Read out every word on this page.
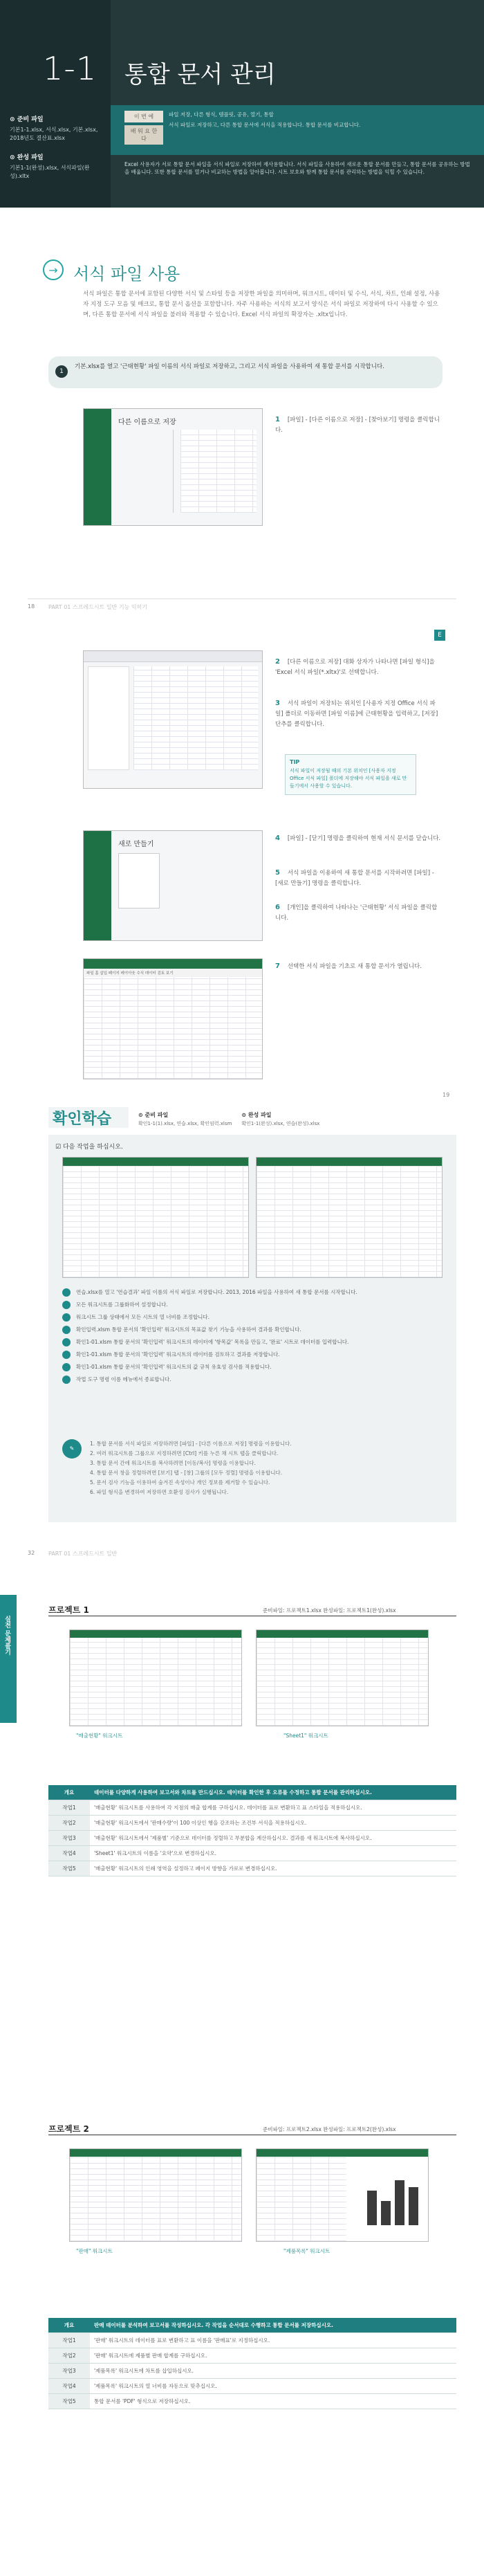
1-1 통합 문서 관리
⊙ 준비 파일
기본1-1.xlsx, 서식.xlsx, 기본.xlsx, 2018년도 결산표.xlsx
⊙ 완성 파일
기본1-1(완성).xlsx, 서식파일(완성).xltx
이 번 에
배 워 요 한 다
파일 저장, 다른 형식, 템플릿, 공유, 열기, 통합
서식 파일로 저장하고, 다른 통합 문서에 서식을 적용합니다. 통합 문서를 비교합니다.
Excel 사용자가 서로 통합 문서 파일을 서식 파일로 저장하여 재사용합니다. 서식 파일을 사용하여 새로운 통합 문서를 만들고, 통합 문서를 공유하는 방법을 배웁니다. 또한 통합 문서를 열거나 비교하는 방법을 알아봅니다. 시트 보호와 함께 통합 문서를 관리하는 방법을 익힐 수 있습니다.
→ 서식 파일 사용
서식 파일은 통합 문서에 포함된 다양한 서식 및 스타일 등을 저장한 파일을 의미하며, 워크시트, 데이터 및 수식, 서식, 차트, 인쇄 설정, 사용자 지정 도구 모음 및 매크로, 통합 문서 옵션을 포함합니다. 자주 사용하는 서식의 보고서 양식은 서식 파일로 저장하여 다시 사용할 수 있으며, 다른 통합 문서에 서식 파일을 불러와 적용할 수 있습니다. Excel 서식 파일의 확장자는 .xltx입니다.
1
기본.xlsx를 열고 '근태현황' 파일 이름의 서식 파일로 저장하고, 그리고 서식 파일을 사용하여 새 통합 문서를 시작합니다.
다른 이름으로 저장	1 [파일] - [다른 이름으로 저장] - [찾아보기] 명령을 클릭합니다.
18 PART 01 스프레드시트 일반 기능 익히기
E
2 [다른 이름으로 저장] 대화 상자가 나타나면 [파일 형식]을 'Excel 서식 파일(*.xltx)'로 선택합니다.
3 서식 파일이 저장되는 위치인 [사용자 지정 Office 서식 파일] 폴더로 이동하면 [파일 이름]에 근태현황을 입력하고, [저장] 단추를 클릭합니다.
TIP
서식 파일이 저장될 때의 기본 위치인 [사용자 지정 Office 서식 파일] 폴더에 저장해야 서식 파일을 새로 만들기에서 사용할 수 있습니다.
새로 만들기
4 [파일] - [닫기] 명령을 클릭하여 현재 서식 문서를 닫습니다.
5 서식 파일을 이용하여 새 통합 문서를 시작하려면 [파일] - [새로 만들기] 명령을 클릭합니다.
6 [개인]을 클릭하여 나타나는 '근태현황' 서식 파일을 클릭합니다.
파일 홈 삽입 페이지 레이아웃 수식 데이터 검토 보기
7 선택한 서식 파일을 기초로 새 통합 문서가 열립니다.
19
확인학습	⊙ 준비 파일
확인1-1(1).xlsx, 연습.xlsx, 확인임력.xlsm
⊙ 완성 파일
확인1-1(완성).xlsx, 연습(완성).xlsx
☑ 다음 작업을 하십시오.
연습.xlsx를 열고 '연습결과' 파일 이름의 서식 파일로 저장합니다. 2013, 2016 파일을 사용하여 새 통합 문서를 시작합니다.
모든 워크시트를 그룹화하여 설정합니다.
워크시트 그룹 상태에서 모든 시트의 열 너비를 조정합니다.
확인입력.xlsm 통합 문서의 '확인입력' 워크시트의 목표값 찾기 기능을 사용하여 결과를 확인합니다.
확인1-01.xlsm 통합 문서의 '확인입력' 워크시트의 데이터에 '항목값' 목록을 만들고, '완료' 시트로 데이터를 입력합니다.
확인1-01.xlsm 통합 문서의 '확인입력' 워크시트의 데이터를 검토하고 결과를 저장합니다.
확인1-01.xlsm 통합 문서의 '확인입력' 워크시트의 값 규칙 유효성 검사를 적용합니다.
작업 도구 명령 이름 메뉴에서 종료합니다.
✎
1. 통합 문서를 서식 파일로 저장하려면 [파일] - [다른 이름으로 저장] 명령을 이용합니다.
2. 여러 워크시트를 그룹으로 지정하려면 [Ctrl] 키를 누른 채 시트 탭을 클릭합니다.
3. 통합 문서 간에 워크시트를 복사하려면 [이동/복사] 명령을 이용합니다.
4. 통합 문서 창을 정렬하려면 [보기] 탭 - [창] 그룹의 [모두 정렬] 명령을 이용합니다.
5. 문서 검사 기능을 이용하여 숨겨진 속성이나 개인 정보를 제거할 수 있습니다.
6. 파일 형식을 변경하여 저장하면 호환성 검사가 실행됩니다.
32 PART 01 스프레드시트 일반
실전 문제풀기
프로젝트 1	준비파일: 프로젝트1.xlsx 완성파일: 프로젝트1(완성).xlsx
"매출현황" 워크시트	"Sheet1" 워크시트
개요	데이터를 다양하게 사용하여 보고서와 차트를 만드십시오. 데이터를 확인한 후 오류를 수정하고 통합 문서를 관리하십시오.
작업1	'매출현황' 워크시트를 사용하여 각 지점의 매출 합계를 구하십시오. 데이터를 표로 변환하고 표 스타일을 적용하십시오.
작업2	'매출현황' 워크시트에서 '판매수량'이 100 이상인 행을 강조하는 조건부 서식을 적용하십시오.
작업3	'매출현황' 워크시트에서 '제품별' 기준으로 데이터를 정렬하고 부분합을 계산하십시오. 결과를 새 워크시트에 복사하십시오.
작업4	'Sheet1' 워크시트의 이름을 '요약'으로 변경하십시오.
작업5	'매출현황' 워크시트의 인쇄 영역을 설정하고 페이지 방향을 가로로 변경하십시오.
프로젝트 2	준비파일: 프로젝트2.xlsx 완성파일: 프로젝트2(완성).xlsx
"판매" 워크시트	"제품목록" 워크시트
개요	판매 데이터를 분석하여 보고서를 작성하십시오. 각 작업을 순서대로 수행하고 통합 문서를 저장하십시오.
작업1	'판매' 워크시트의 데이터를 표로 변환하고 표 이름을 '판매표'로 지정하십시오.
작업2	'판매' 워크시트에 제품별 판매 합계를 구하십시오.
작업3	'제품목록' 워크시트에 차트를 삽입하십시오.
작업4	'제품목록' 워크시트의 열 너비를 자동으로 맞추십시오.
작업5	통합 문서를 'PDF' 형식으로 저장하십시오.
